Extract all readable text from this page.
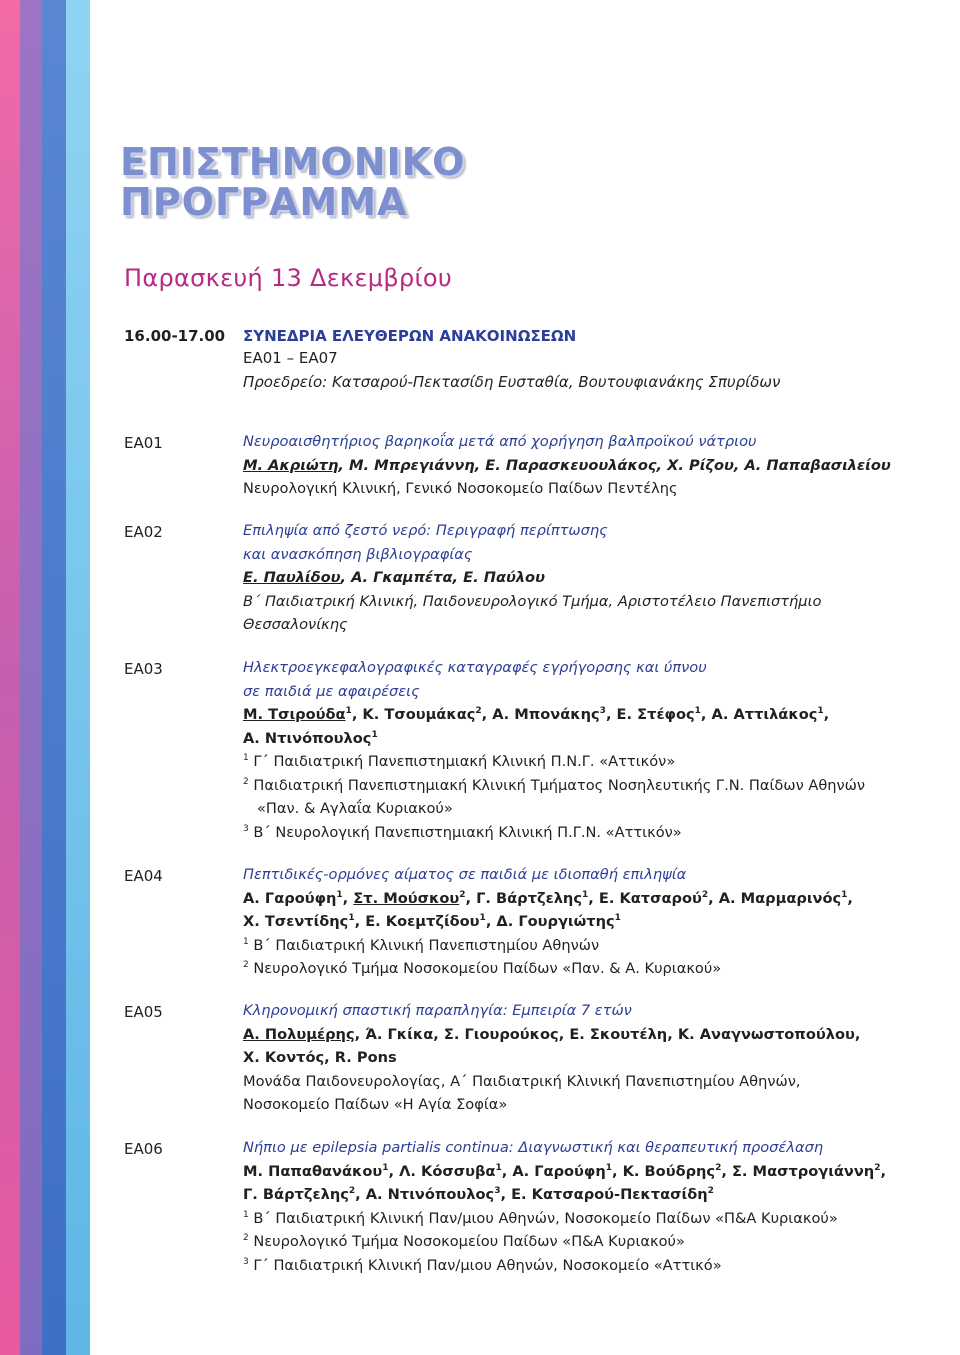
ΕΠΙΣΤΗΜΟΝΙΚΟ
ΠΡΟΓΡΑΜΜΑ
Παρασκευή 13 Δεκεμβρίου
16.00-17.00 ΣΥΝΕΔΡΙΑ ΕΛΕΥΘΕΡΩΝ ΑΝΑΚΟΙΝΩΣΕΩΝ
ΕΑ01 – ΕΑ07
Προεδρείο: Κατσαρού-Πεκτασίδη Ευσταθία, Βουτουφιανάκης Σπυρίδων
ΕΑ01	Νευροαισθητήριος βαρηκοΐα μετά από χορήγηση βαλπροϊκού νάτριου
Μ. Ακριώτη, Μ. Μπρεγιάννη, Ε. Παρασκευουλάκος, Χ. Ρίζου, Α. Παπαβασιλείου
Νευρολογική Κλινική, Γενικό Νοσοκομείο Παίδων Πεντέλης
ΕΑ02	Επιληψία από ζεστό νερό: Περιγραφή περίπτωσης
και ανασκόπηση βιβλιογραφίας
Ε. Παυλίδου, Α. Γκαμπέτα, Ε. Παύλου
Β΄ Παιδιατρική Κλινική, Παιδονευρολογικό Τμήμα, Αριστοτέλειο Πανεπιστήμιο
Θεσσαλονίκης
ΕΑ03	Ηλεκτροεγκεφαλογραφικές καταγραφές εγρήγορσης και ύπνου
σε παιδιά με αφαιρέσεις
Μ. Τσιρούδα$^1$, Κ. Τσουμάκας$^2$, Α. Μπονάκης$^3$, Ε. Στέφος$^1$, Α. Αττιλάκος$^1$,
Α. Ντινόπουλος$^1$
$^1$ Γ΄ Παιδιατρική Πανεπιστημιακή Κλινική Π.Ν.Γ. «Αττικόν»
$^2$ Παιδιατρική Πανεπιστημιακή Κλινική Τμήματος Νοσηλευτικής Γ.Ν. Παίδων Αθηνών
«Παν. & Αγλαΐα Κυριακού»
$^3$ Β΄ Νευρολογική Πανεπιστημιακή Κλινική Π.Γ.Ν. «Αττικόν»
ΕΑ04	Πεπτιδικές-ορμόνες αίματος σε παιδιά με ιδιοπαθή επιληψία
Α. Γαρούφη$^1$, Στ. Μούσκου$^2$, Γ. Βάρτζελης$^1$, Ε. Κατσαρού$^2$, Α. Μαρμαρινός$^1$,
Χ. Τσεντίδης$^1$, Ε. Κοεμτζίδου$^1$, Δ. Γουργιώτης$^1$
$^1$ Β΄ Παιδιατρική Κλινική Πανεπιστημίου Αθηνών
$^2$ Νευρολογικό Τμήμα Νοσοκομείου Παίδων «Παν. & Α. Κυριακού»
ΕΑ05	Κληρονομική σπαστική παραπληγία: Εμπειρία 7 ετών
Α. Πολυμέρης, Ά. Γκίκα, Σ. Γιουρούκος, Ε. Σκουτέλη, Κ. Αναγνωστοπούλου,
Χ. Κοντός, R. Pons
Μονάδα Παιδονευρολογίας, Α΄ Παιδιατρική Κλινική Πανεπιστημίου Αθηνών,
Νοσοκομείο Παίδων «Η Αγία Σοφία»
ΕΑ06	Νήπιο με epilepsia partialis continua: Διαγνωστική και θεραπευτική προσέλαση
Μ. Παπαθανάκου$^1$, Λ. Κόσσυβα$^1$, Α. Γαρούφη$^1$, Κ. Βούδρης$^2$, Σ. Μαστρογιάννη$^2$,
Γ. Βάρτζελης$^2$, Α. Ντινόπουλος$^3$, Ε. Κατσαρού-Πεκτασίδη$^2$
$^1$ Β΄ Παιδιατρική Κλινική Παν/μιου Αθηνών, Νοσοκομείο Παίδων «Π&Α Κυριακού»
$^2$ Νευρολογικό Τμήμα Νοσοκομείου Παίδων «Π&Α Κυριακού»
$^3$ Γ΄ Παιδιατρική Κλινική Παν/μιου Αθηνών, Νοσοκομείο «Αττικό»
